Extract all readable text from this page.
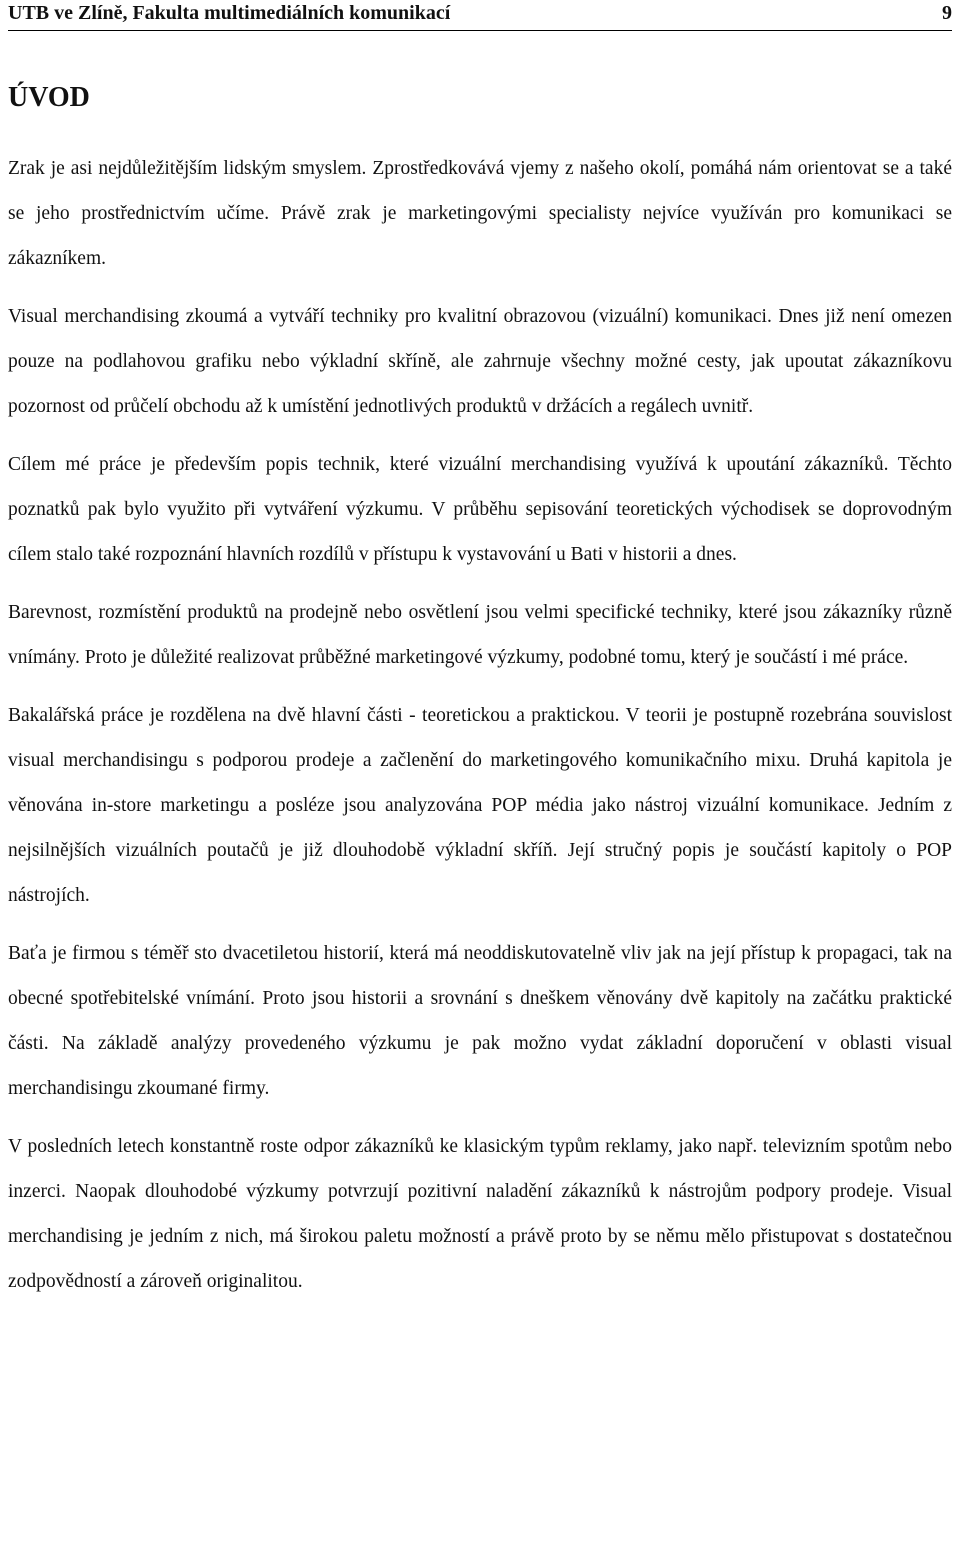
UTB ve Zlíně, Fakulta multimediálních komunikací	9
ÚVOD

Zrak je asi nejdůležitějším lidským smyslem. Zprostředkovává vjemy z našeho okolí, pomáhá nám orientovat se a také se jeho prostřednictvím učíme. Právě zrak je marketingovými specialisty nejvíce využíván pro komunikaci se zákazníkem.

Visual merchandising zkoumá a vytváří techniky pro kvalitní obrazovou (vizuální) komunikaci. Dnes již není omezen pouze na podlahovou grafiku nebo výkladní skříně, ale zahrnuje všechny možné cesty, jak upoutat zákazníkovu pozornost od průčelí obchodu až k umístění jednotlivých produktů v držácích a regálech uvnitř.

Cílem mé práce je především popis technik, které vizuální merchandising využívá k upoutání zákazníků. Těchto poznatků pak bylo využito při vytváření výzkumu. V průběhu sepisování teoretických východisek se doprovodným cílem stalo také rozpoznání hlavních rozdílů v přístupu k vystavování u Bati v historii a dnes.

Barevnost, rozmístění produktů na prodejně nebo osvětlení jsou velmi specifické techniky, které jsou zákazníky různě vnímány. Proto je důležité realizovat průběžné marketingové výzkumy, podobné tomu, který je součástí i mé práce.

Bakalářská práce je rozdělena na dvě hlavní části - teoretickou a praktickou. V teorii je postupně rozebrána souvislost visual merchandisingu s podporou prodeje a začlenění do marketingového komunikačního mixu. Druhá kapitola je věnována in-store marketingu a posléze jsou analyzována POP média jako nástroj vizuální komunikace. Jedním z nejsilnějších vizuálních poutačů je již dlouhodobě výkladní skříň. Její stručný popis je součástí kapitoly o POP nástrojích.

Baťa je firmou s téměř sto dvacetiletou historií, která má neoddiskutovatelně vliv jak na její přístup k propagaci, tak na obecné spotřebitelské vnímání. Proto jsou historii a srovnání s dneškem věnovány dvě kapitoly na začátku praktické části. Na základě analýzy provedeného výzkumu je pak možno vydat základní doporučení v oblasti visual merchandisingu zkoumané firmy.

V posledních letech konstantně roste odpor zákazníků ke klasickým typům reklamy, jako např. televizním spotům nebo inzerci. Naopak dlouhodobé výzkumy potvrzují pozitivní naladění zákazníků k nástrojům podpory prodeje. Visual merchandising je jedním z nich, má širokou paletu možností a právě proto by se němu mělo přistupovat s dostatečnou zodpovědností a zároveň originalitou.
